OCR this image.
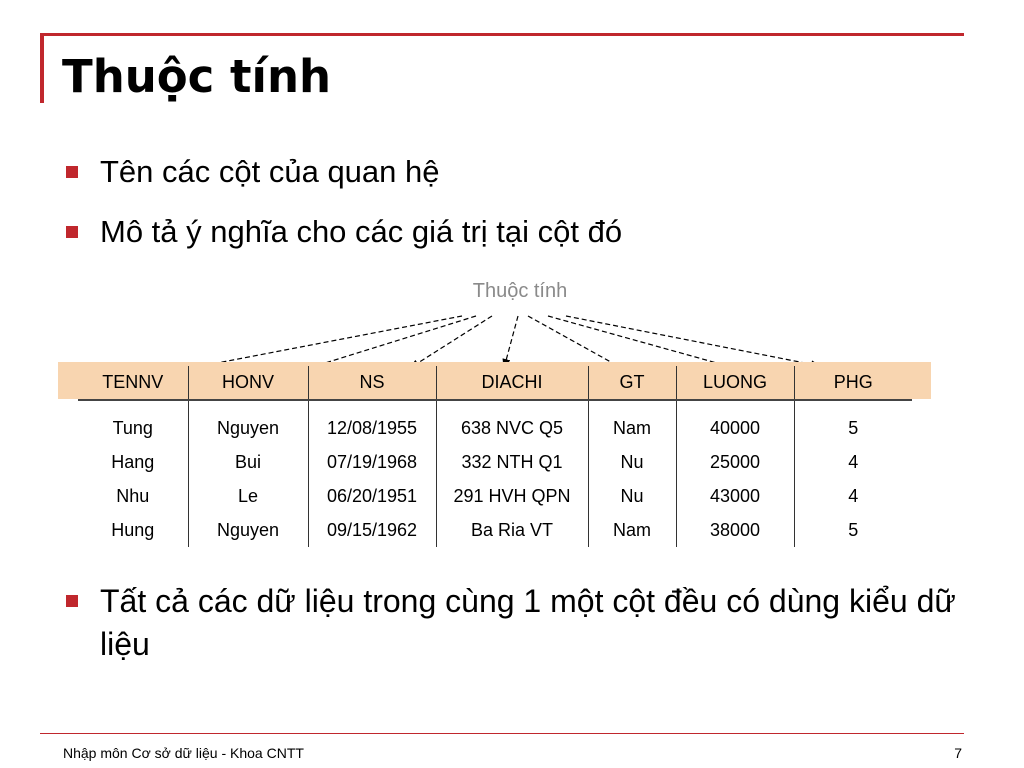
Thuộc tính
Tên các cột của quan hệ
Mô tả ý nghĩa cho các giá trị tại cột đó
Thuộc tính
TENNV	HONV	NS	DIACHI	GT	LUONG	PHG
Tung	Nguyen	12/08/1955	638 NVC Q5	Nam	40000	5
Hang	Bui	07/19/1968	332 NTH Q1	Nu	25000	4
Nhu	Le	06/20/1951	291 HVH QPN	Nu	43000	4
Hung	Nguyen	09/15/1962	Ba Ria VT	Nam	38000	5
Tất cả các dữ liệu trong cùng 1 một cột đều có dùng kiểu dữ liệu
Nhập môn Cơ sở dữ liệu - Khoa CNTT	7
